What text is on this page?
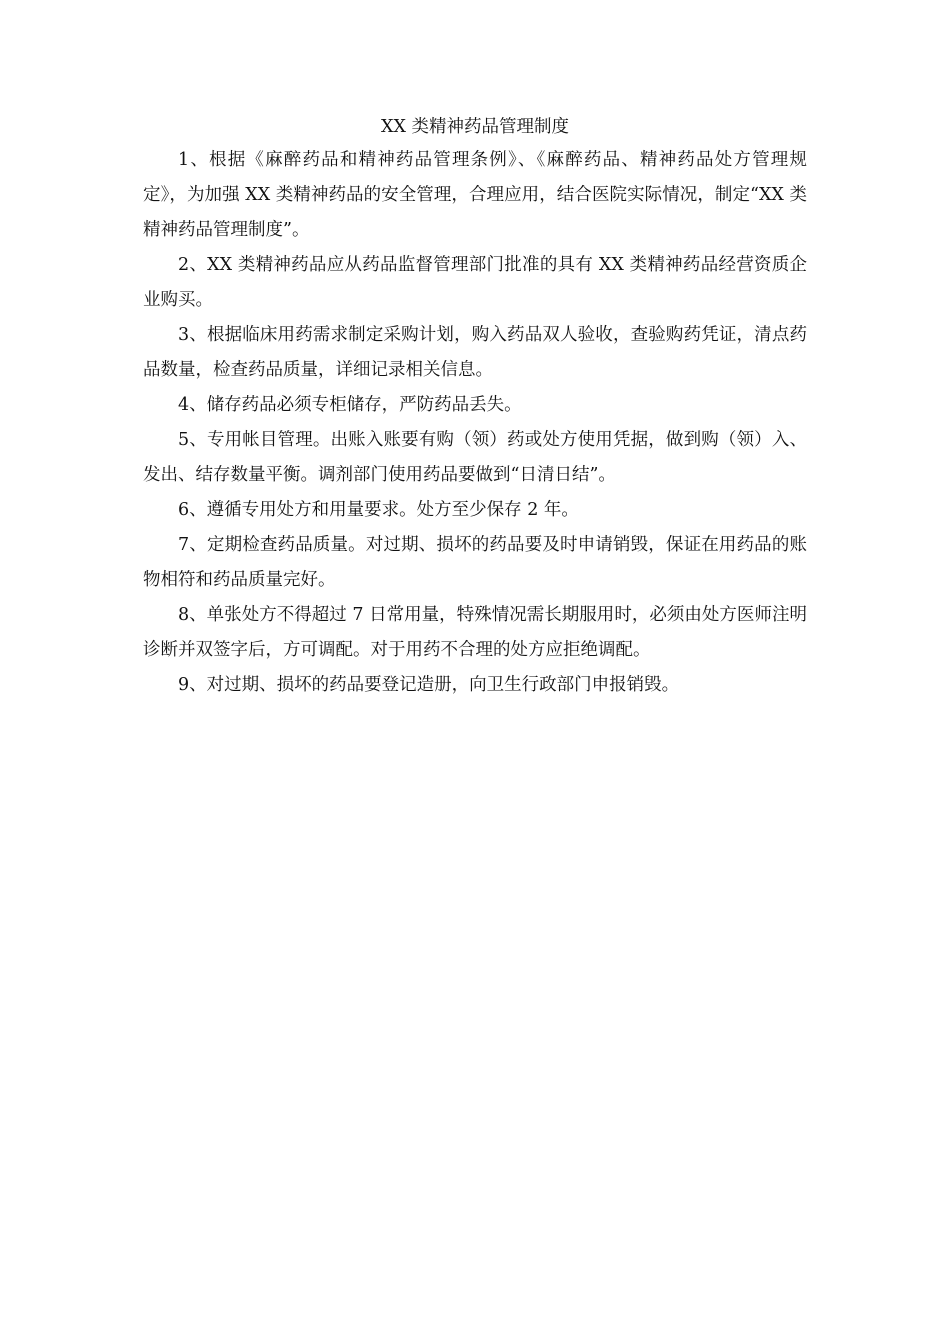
XX 类精神药品管理制度

1、根据《麻醉药品和精神药品管理条例》、《麻醉药品、精神药品处方管理规定》，为加强 XX 类精神药品的安全管理，合理应用，结合医院实际情况，制定“XX 类精神药品管理制度”。

2、XX 类精神药品应从药品监督管理部门批准的具有 XX 类精神药品经营资质企业购买。

3、根据临床用药需求制定采购计划，购入药品双人验收，查验购药凭证，清点药品数量，检查药品质量，详细记录相关信息。

4、储存药品必须专柜储存，严防药品丢失。

5、专用帐目管理。出账入账要有购（领）药或处方使用凭据，做到购（领）入、发出、结存数量平衡。调剂部门使用药品要做到“日清日结”。

6、遵循专用处方和用量要求。处方至少保存 2 年。

7、定期检查药品质量。对过期、损坏的药品要及时申请销毁，保证在用药品的账物相符和药品质量完好。

8、单张处方不得超过 7 日常用量，特殊情况需长期服用时，必须由处方医师注明诊断并双签字后，方可调配。对于用药不合理的处方应拒绝调配。

9、对过期、损坏的药品要登记造册，向卫生行政部门申报销毁。
